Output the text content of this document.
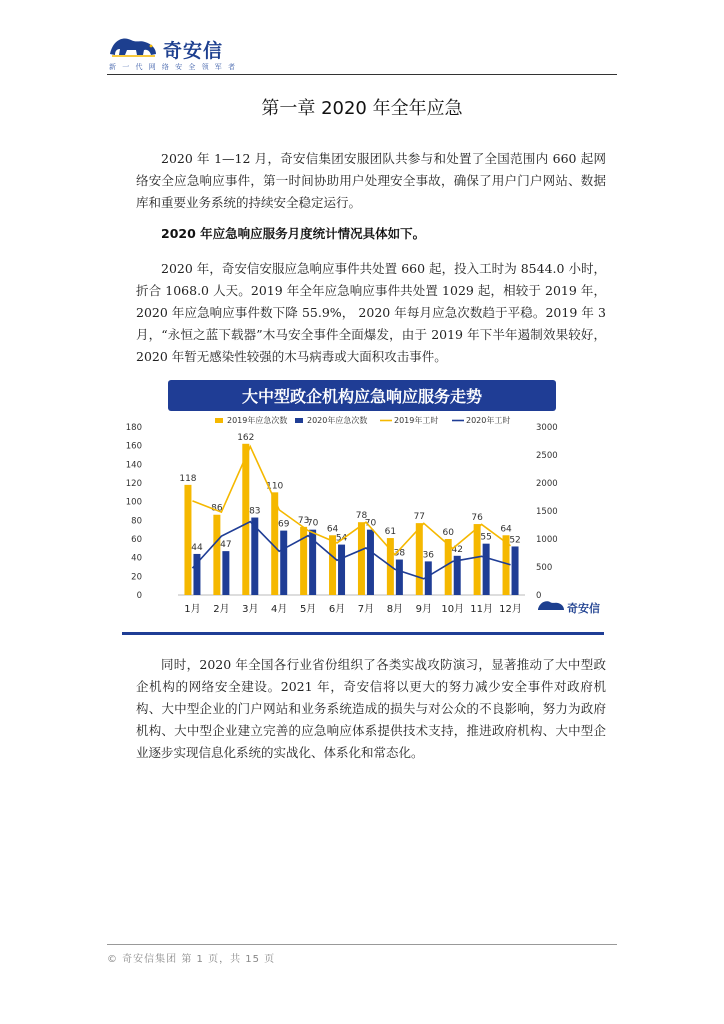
奇安信
新 一 代 网 络 安 全 领 军 者
第一章 2020 年全年应急

2020 年 1—12 月，奇安信集团安服团队共参与和处置了全国范围内 660 起网络安全应急响应事件，第一时间协助用户处理安全事故，确保了用户门户网站、数据库和重要业务系统的持续安全稳定运行。

2020 年应急响应服务月度统计情况具体如下。

2020 年，奇安信安服应急响应事件共处置 660 起，投入工时为 8544.0 小时，折合 1068.0 人天。2019 年全年应急响应事件共处置 1029 起，相较于 2019 年，2020 年应急响应事件数下降 55.9%， 2020 年每月应急次数趋于平稳。2019 年 3 月，“永恒之蓝下载器”木马安全事件全面爆发，由于 2019 年下半年遏制效果较好，2020 年暂无感染性较强的木马病毒或大面积攻击事件。

大中型政企机构应急响应服务走势
2019年应急次数 2020年应急次数	2019年工时	2020年工时
0
20
40
60
80
100
120
140
160
180
0
500
1000
1500
2000
2500
3000
118
44
1月
86
47
2月
162
83
3月
110
69
4月
73
70
5月
64
54
6月
78
70
7月
61
38
8月
77
36
9月
60
42
10月
76
55
11月
64
52
12月	奇安信

同时，2020 年全国各行业省份组织了各类实战攻防演习，显著推动了大中型政企机构的网络安全建设。2021 年，奇安信将以更大的努力减少安全事件对政府机构、大中型企业的门户网站和业务系统造成的损失与对公众的不良影响，努力为政府机构、大中型企业建立完善的应急响应体系提供技术支持，推进政府机构、大中型企业逐步实现信息化系统的实战化、体系化和常态化。

© 奇安信集团 第 1 页，共 15 页
